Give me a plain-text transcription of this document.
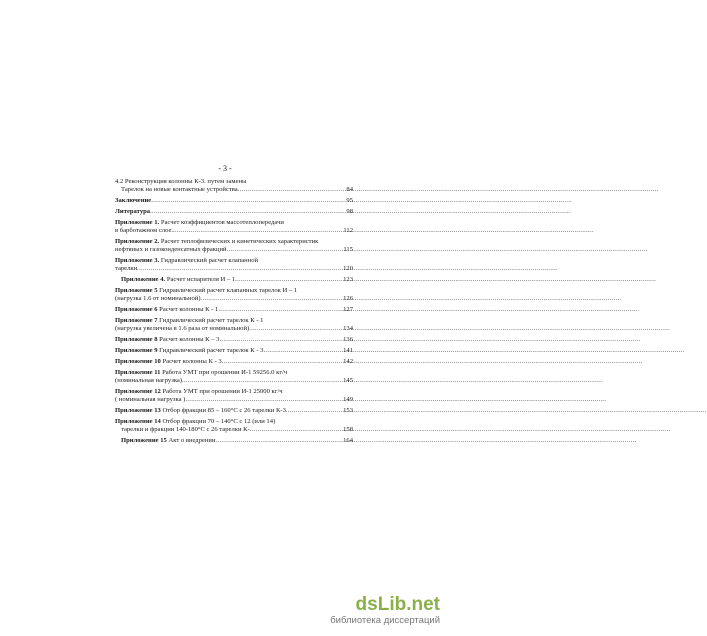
- 3 -
4.2 Реконструкция колонны К-3. путем замены
Тарелок на новые контактные устройства .....	84
Заключение .....	95
Литература .....	98
Приложение 1. Расчет коэффициентов массотеплопередачи
в барботажном слое. .....	112
Приложение 2. Расчет теплофизических и кинетических характеристик
нефтяных и газоконденсатных фракций .....	115
Приложение 3. Гидравлический расчет клапанной
тарелки .....	120
Приложение 4. Расчет испарителя И – 1 .....	123
Приложение 5 Гидравлический расчет клапанных тарелок И – 1
(нагрузка 1.6 от номинальной) .....	126
Приложение 6 Расчет колонны К - 1 .....	127
Приложение 7 Гидравлический расчет тарелок К - 1
(нагрузка увеличена в 1.6 раза от номинальной) .....	134
Приложение 8 Расчет колонны К – 3 .....	136
Приложение 9 Гидравлический расчет тарелок К - 3 .....	141
Приложение 10 Расчет колонны К - 3 .....	142
Приложение 11 Работа УМТ при орошении И-1 59256.0 кг/ч
(номинальная нагрузка) .....	145
Приложение 12 Работа УМТ при орошении И-1 25000 кг/ч
( номинальная нагрузка ) .....	149
Приложение 13 Отбор фракции 85 – 160°С с 26 тарелки К-3 .....	153
Приложение 14 Отбор фракции 70 – 140°С с 12 (или 14)
тарелки и фракции 140-180°С с 26 тарелки К- .....	158
Приложение 15 Акт о внедрении .....	164
dsLib.net
библиотека диссертаций
